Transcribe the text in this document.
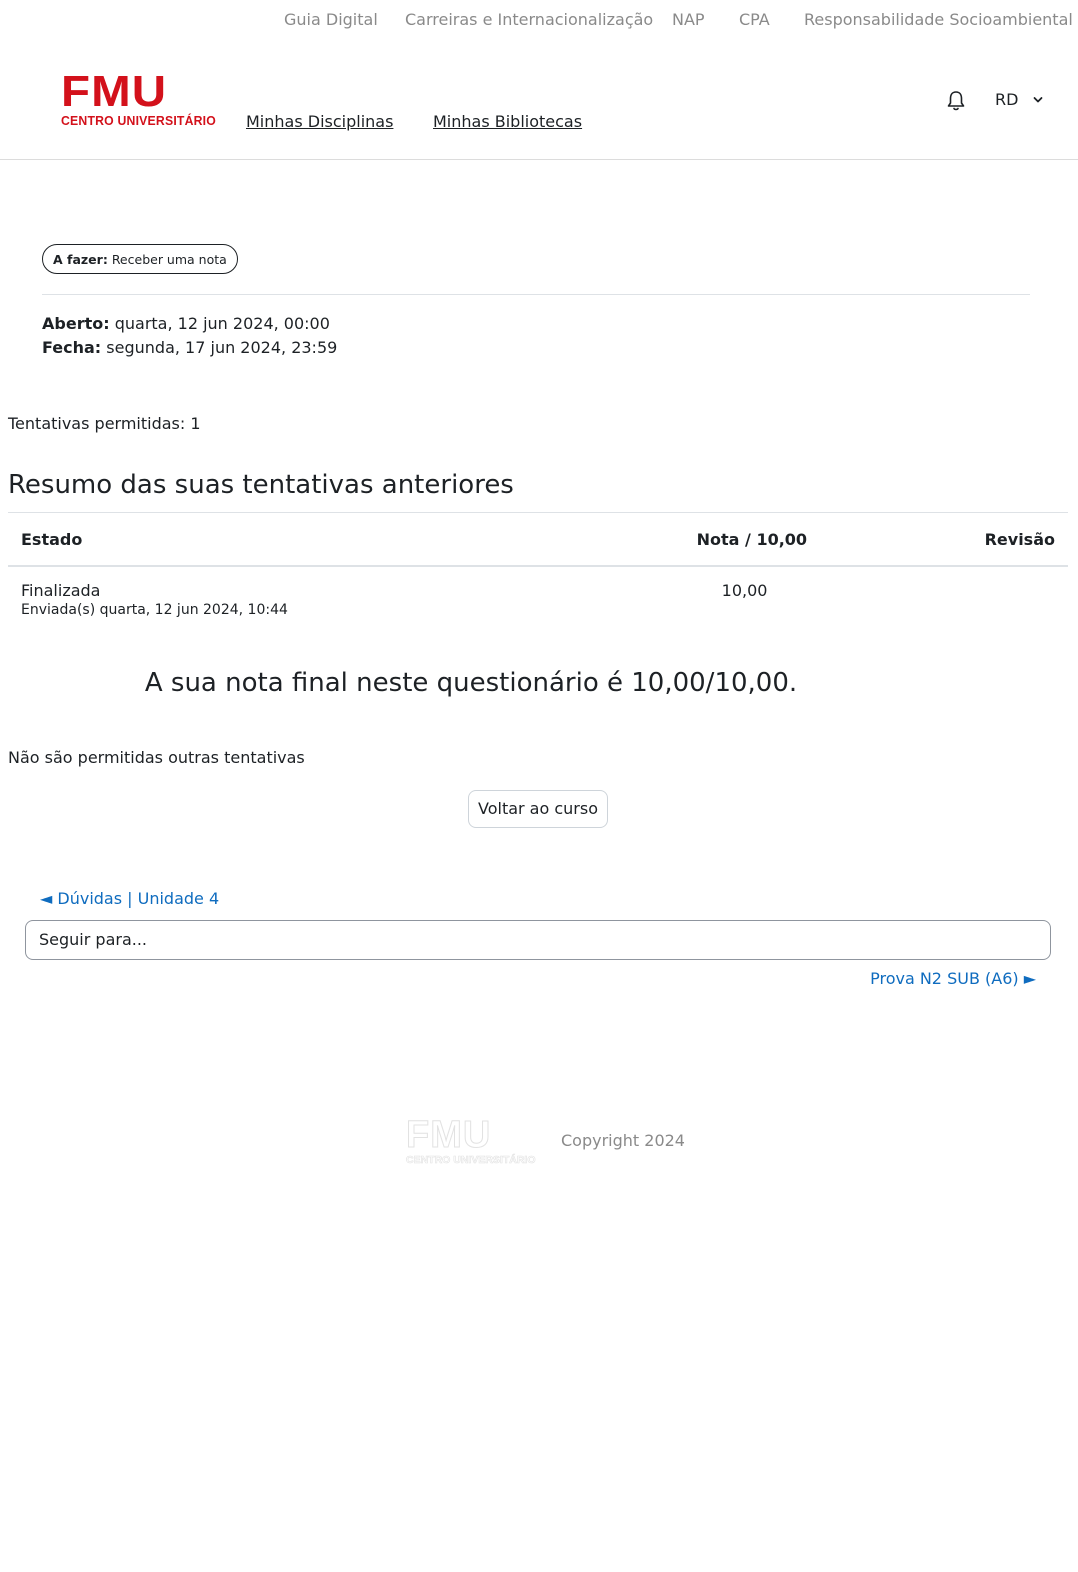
Guia Digital Carreiras e Internacionalização NAP CPA Responsabilidade Socioambiental
FMU
CENTRO UNIVERSITÁRIO Minhas Disciplinas Minhas Bibliotecas
RD
A fazer: Receber uma nota
Aberto: quarta, 12 jun 2024, 00:00
Fecha: segunda, 17 jun 2024, 23:59
Tentativas permitidas: 1
Resumo das suas tentativas anteriores
Estado	Nota / 10,00	Revisão

Finalizada
Enviada(s) quarta, 12 jun 2024, 10:44	10,00	
A sua nota final neste questionário é 10,00/10,00.
Não são permitidas outras tentativas
Voltar ao curso
◄ Dúvidas | Unidade 4
Seguir para...
Prova N2 SUB (A6) ►
FMU
CENTRO UNIVERSITÁRIO
Copyright 2024
